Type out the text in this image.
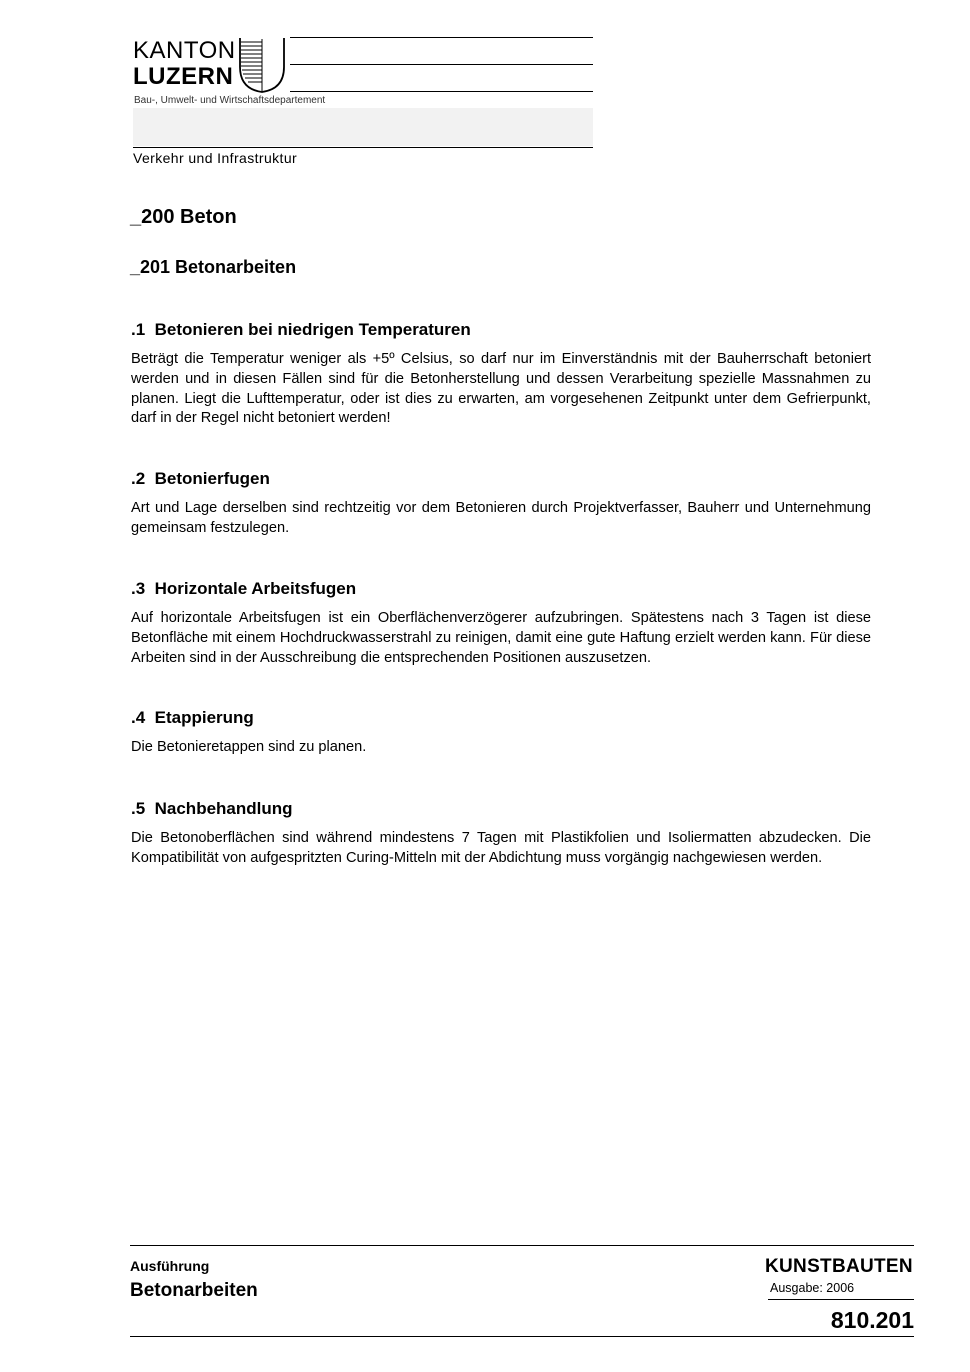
KANTON
LUZERN
Bau-, Umwelt- und Wirtschaftsdepartement
Verkehr und Infrastruktur
_200 Beton
_201 Betonarbeiten

.1  Betonieren bei niedrigen Temperaturen

Beträgt die Temperatur weniger als +5º Celsius, so darf nur im Einverständnis mit der Bauherrschaft betoniert werden und in diesen Fällen sind für die Betonherstellung und dessen Verarbeitung spezielle Massnahmen zu planen. Liegt die Lufttemperatur, oder ist dies zu erwarten, am vorgesehenen Zeitpunkt unter dem Gefrierpunkt, darf in der Regel nicht betoniert werden!

.2  Betonierfugen

Art und Lage derselben sind rechtzeitig vor dem Betonieren durch Projektverfasser, Bauherr und Unternehmung gemeinsam festzulegen.

.3  Horizontale Arbeitsfugen

Auf horizontale Arbeitsfugen ist ein Oberflächenverzögerer aufzubringen. Spätestens nach 3 Tagen ist diese Betonfläche mit einem Hochdruckwasserstrahl zu reinigen, damit eine gute Haftung erzielt werden kann. Für diese Arbeiten sind in der Ausschreibung die entsprechenden Positionen auszusetzen.

.4  Etappierung

Die Betonieretappen sind zu planen.

.5  Nachbehandlung

Die Betonoberflächen sind während mindestens 7 Tagen mit Plastikfolien und Isoliermatten abzudecken. Die Kompatibilität von aufgespritzten Curing-Mitteln mit der Abdichtung muss vorgängig nachgewiesen werden.

Ausführung
Betonarbeiten
KUNSTBAUTEN
Ausgabe: 2006
810.201
